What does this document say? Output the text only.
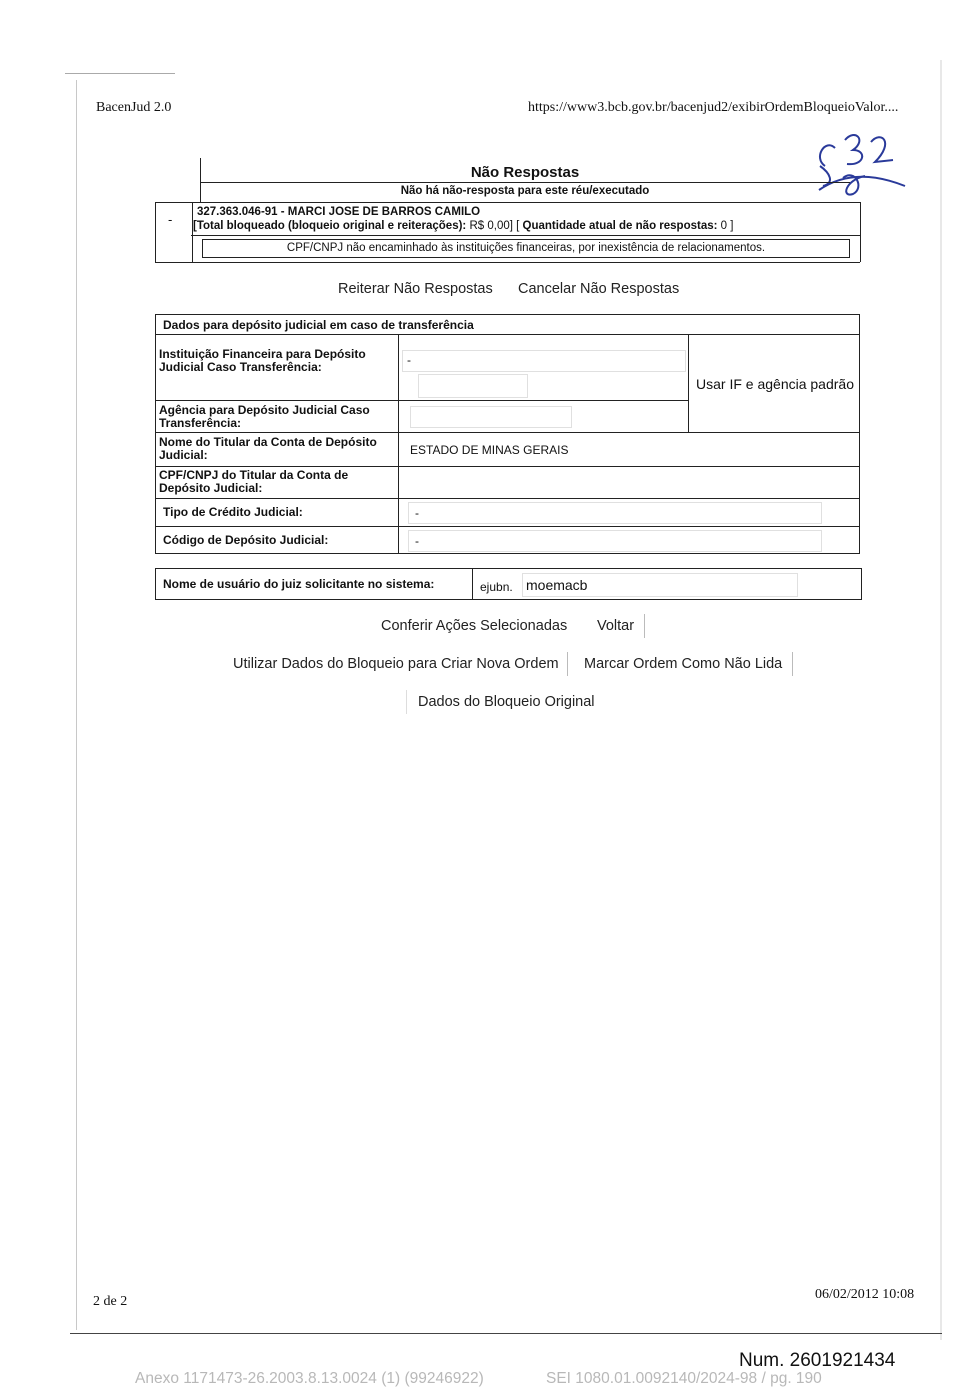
BacenJud 2.0	https://www3.bcb.gov.br/bacenjud2/exibirOrdemBloqueioValor....
Não Respostas
Não há não-resposta para este réu/executado
- 327.363.046-91 - MARCI JOSE DE BARROS CAMILO
[Total bloqueado (bloqueio original e reiterações): R$ 0,00] [ Quantidade atual de não respostas: 0 ]
CPF/CNPJ não encaminhado às instituições financeiras, por inexistência de relacionamentos.
Reiterar Não Respostas Cancelar Não Respostas
Dados para depósito judicial em caso de transferência
Instituição Financeira para Depósito Judicial Caso Transferência:	-
Usar IF e agência padrão
Agência para Depósito Judicial Caso Transferência:
Nome do Titular da Conta de Depósito Judicial:	ESTADO DE MINAS GERAIS
CPF/CNPJ do Titular da Conta de Depósito Judicial:
Tipo de Crédito Judicial:	-
Código de Depósito Judicial:	-
Nome de usuário do juiz solicitante no sistema:	ejubn. moemacb
Conferir Ações Selecionadas Voltar
Utilizar Dados do Bloqueio para Criar Nova Ordem	Marcar Ordem Como Não Lida
Dados do Bloqueio Original
2 de 2	06/02/2012 10:08
Num. 2601921434
Anexo 1171473-26.2003.8.13.0024 (1) (99246922)	SEI 1080.01.0092140/2024-98 / pg. 190
